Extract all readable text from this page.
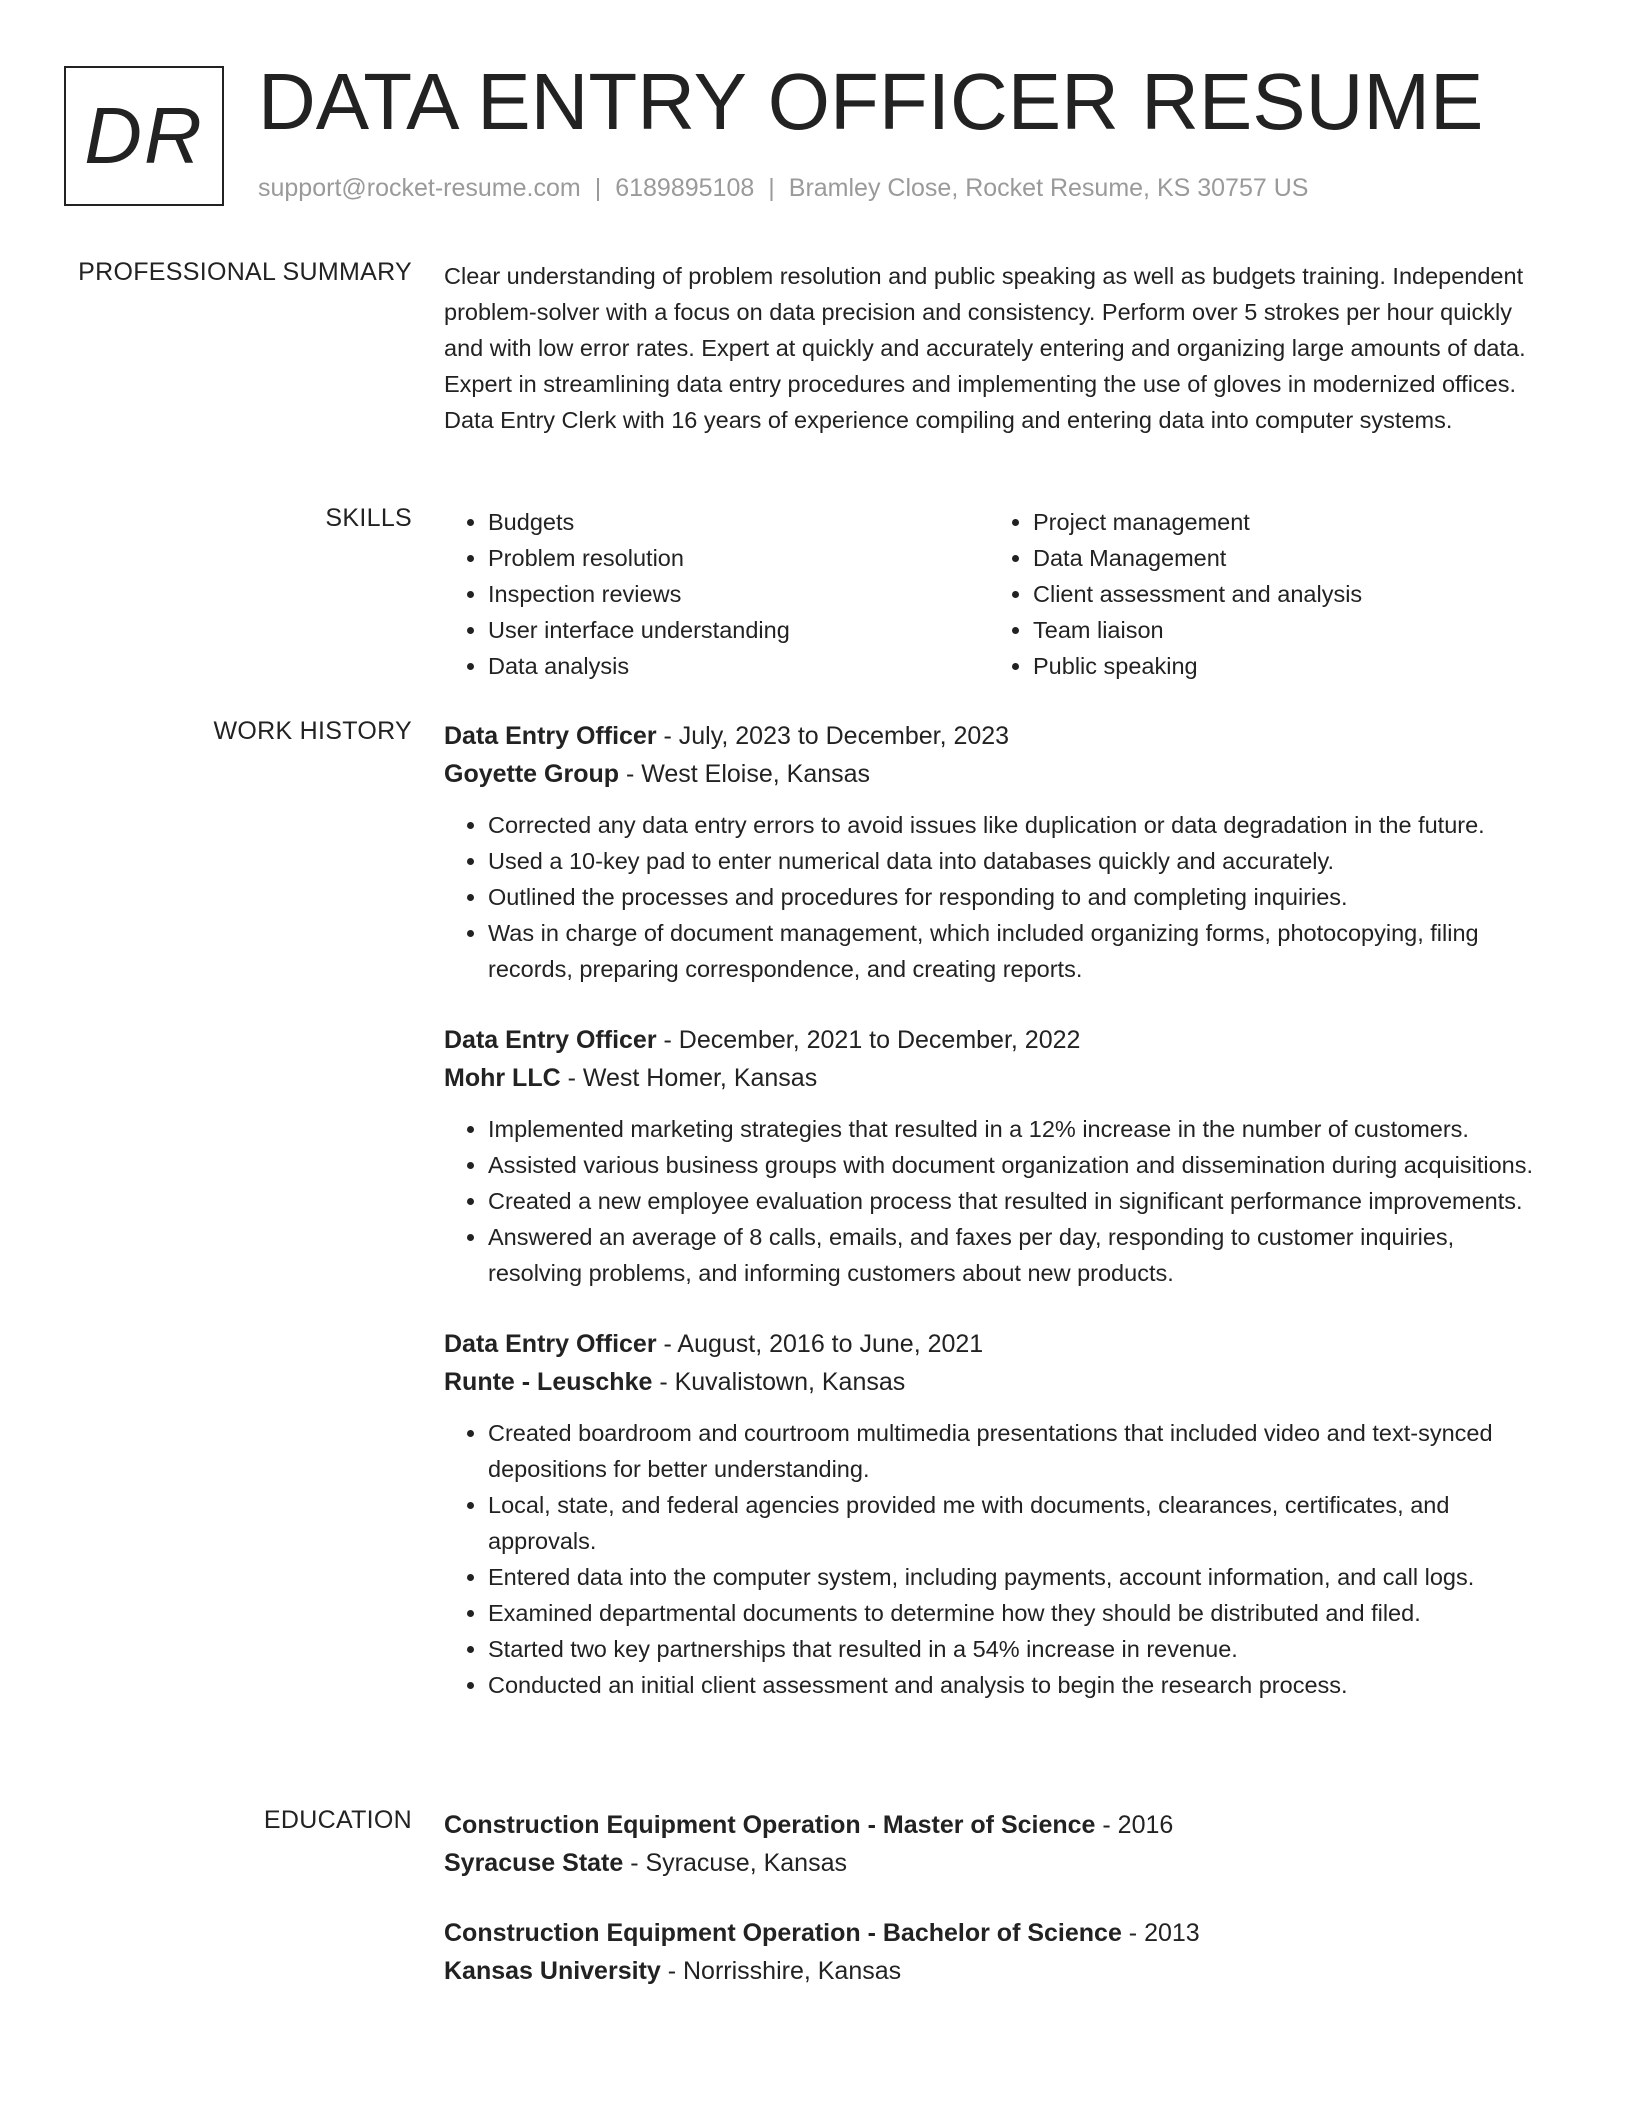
DR DATA ENTRY OFFICER RESUME
support@rocket-resume.com | 6189895108 | Bramley Close, Rocket Resume, KS 30757 US
PROFESSIONAL SUMMARY Clear understanding of problem resolution and public speaking as well as budgets training. Independent problem-solver with a focus on data precision and consistency. Perform over 5 strokes per hour quickly and with low error rates. Expert at quickly and accurately entering and organizing large amounts of data. Expert in streamlining data entry procedures and implementing the use of gloves in modernized offices. Data Entry Clerk with 16 years of experience compiling and entering data into computer systems.

SKILLS
•	Budgets
• Problem resolution
• Inspection reviews
• User interface understanding
• Data analysis
• Project management
• Data Management
• Client assessment and analysis
• Team liaison
• Public speaking
WORK HISTORY Data Entry Officer - July, 2023 to December, 2023
Goyette Group - West Eloise, Kansas
• Corrected any data entry errors to avoid issues like duplication or data degradation in the future.
• Used a 10-key pad to enter numerical data into databases quickly and accurately.
• Outlined the processes and procedures for responding to and completing inquiries.
• Was in charge of document management, which included organizing forms, photocopying, filing records, preparing correspondence, and creating reports.
Data Entry Officer - December, 2021 to December, 2022
Mohr LLC - West Homer, Kansas
• Implemented marketing strategies that resulted in a 12% increase in the number of customers.
• Assisted various business groups with document organization and dissemination during acquisitions.
• Created a new employee evaluation process that resulted in significant performance improvements.
• Answered an average of 8 calls, emails, and faxes per day, responding to customer inquiries, resolving problems, and informing customers about new products.
Data Entry Officer - August, 2016 to June, 2021
Runte - Leuschke - Kuvalistown, Kansas
• Created boardroom and courtroom multimedia presentations that included video and text-synced depositions for better understanding.
• Local, state, and federal agencies provided me with documents, clearances, certificates, and approvals.
• Entered data into the computer system, including payments, account information, and call logs.
• Examined departmental documents to determine how they should be distributed and filed.
• Started two key partnerships that resulted in a 54% increase in revenue.
• Conducted an initial client assessment and analysis to begin the research process.
EDUCATION Construction Equipment Operation - Master of Science - 2016
Syracuse State - Syracuse, Kansas
Construction Equipment Operation - Bachelor of Science - 2013
Kansas University - Norrisshire, Kansas
